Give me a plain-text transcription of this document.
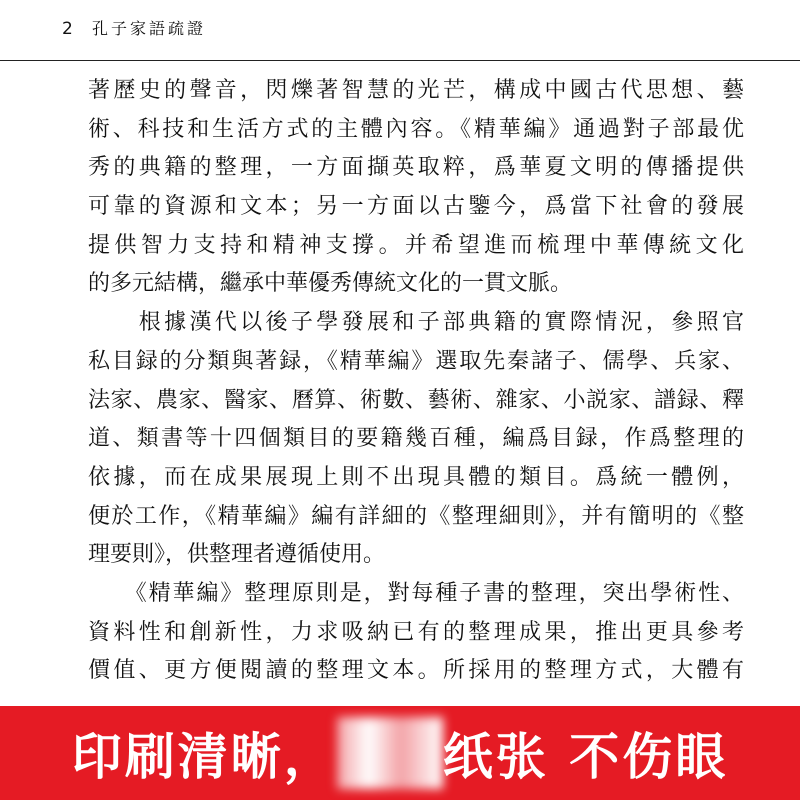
2 孔子家語疏證
著歷史的聲音，閃爍著智慧的光芒，構成中國古代思想、藝
術、科技和生活方式的主體內容。《精華編》通過對子部最优
秀的典籍的整理，一方面擷英取粹，爲華夏文明的傳播提供
可靠的資源和文本；另一方面以古鑒今，爲當下社會的發展
提供智力支持和精神支撐。并希望進而梳理中華傳統文化
的多元結構，繼承中華優秀傳統文化的一貫文脈。
　　根據漢代以後子學發展和子部典籍的實際情況，參照官
私目録的分類與著録，《精華編》選取先秦諸子、儒學、兵家、
法家、農家、醫家、曆算、術數、藝術、雜家、小説家、譜録、釋
道、類書等十四個類目的要籍幾百種，編爲目録，作爲整理的
依據，而在成果展現上則不出現具體的類目。爲統一體例，
便於工作，《精華編》編有詳細的《整理細則》，并有簡明的《整
理要則》，供整理者遵循使用。
　　《精華編》整理原則是，對每種子書的整理，突出學術性、
資料性和創新性，力求吸納已有的整理成果，推出更具參考
價值、更方便閱讀的整理文本。所採用的整理方式，大體有
印刷清晰， 纸张 不伤眼
